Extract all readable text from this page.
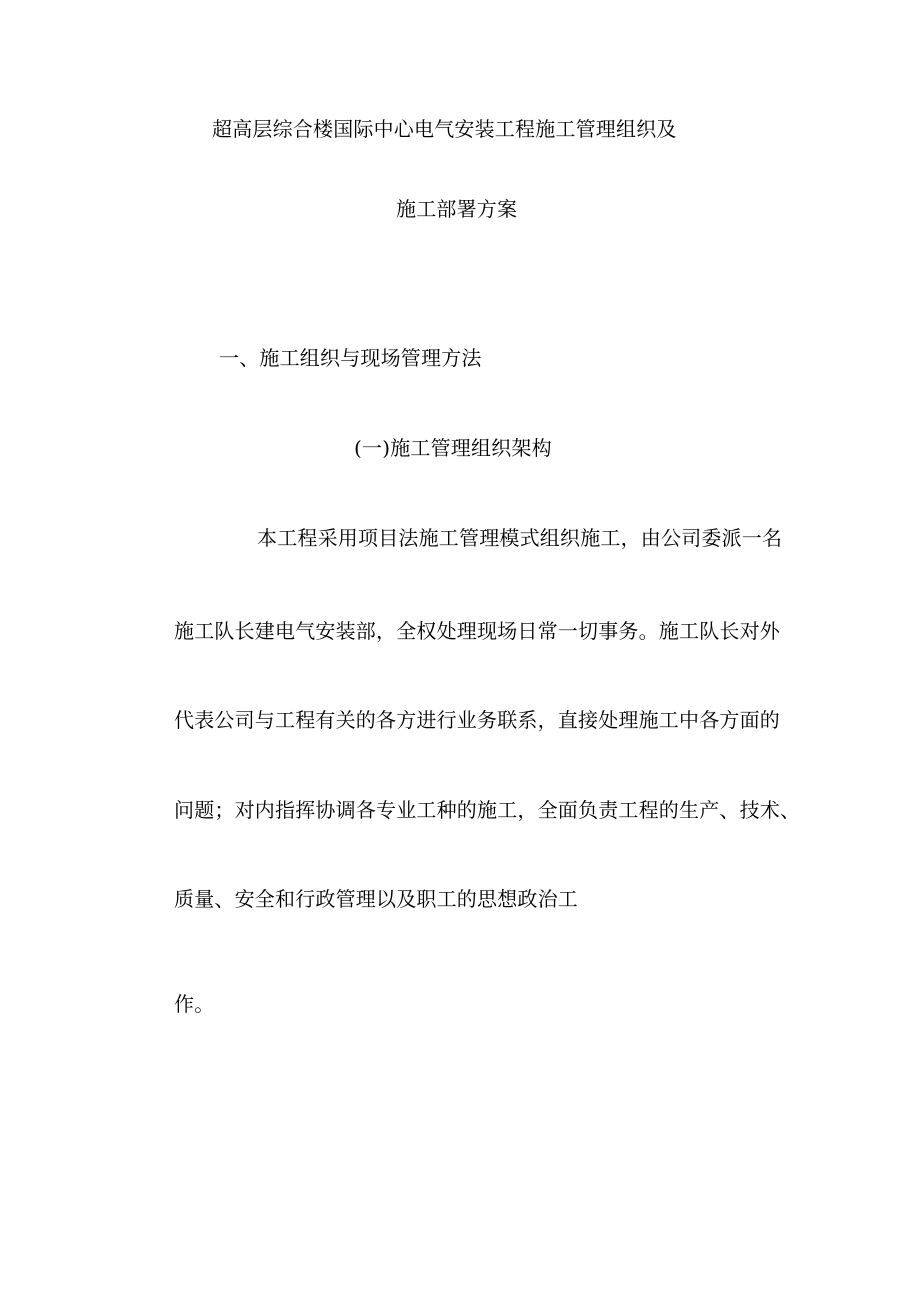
超高层综合楼国际中心电气安装工程施工管理组织及
施工部署方案
一、施工组织与现场管理方法
(一)施工管理组织架构
本工程采用项目法施工管理模式组织施工，由公司委派一名
施工队长建电气安装部，全权处理现场日常一切事务。施工队长对外
代表公司与工程有关的各方进行业务联系，直接处理施工中各方面的
问题；对内指挥协调各专业工种的施工，全面负责工程的生产、技术、
质量、安全和行政管理以及职工的思想政治工
作。
